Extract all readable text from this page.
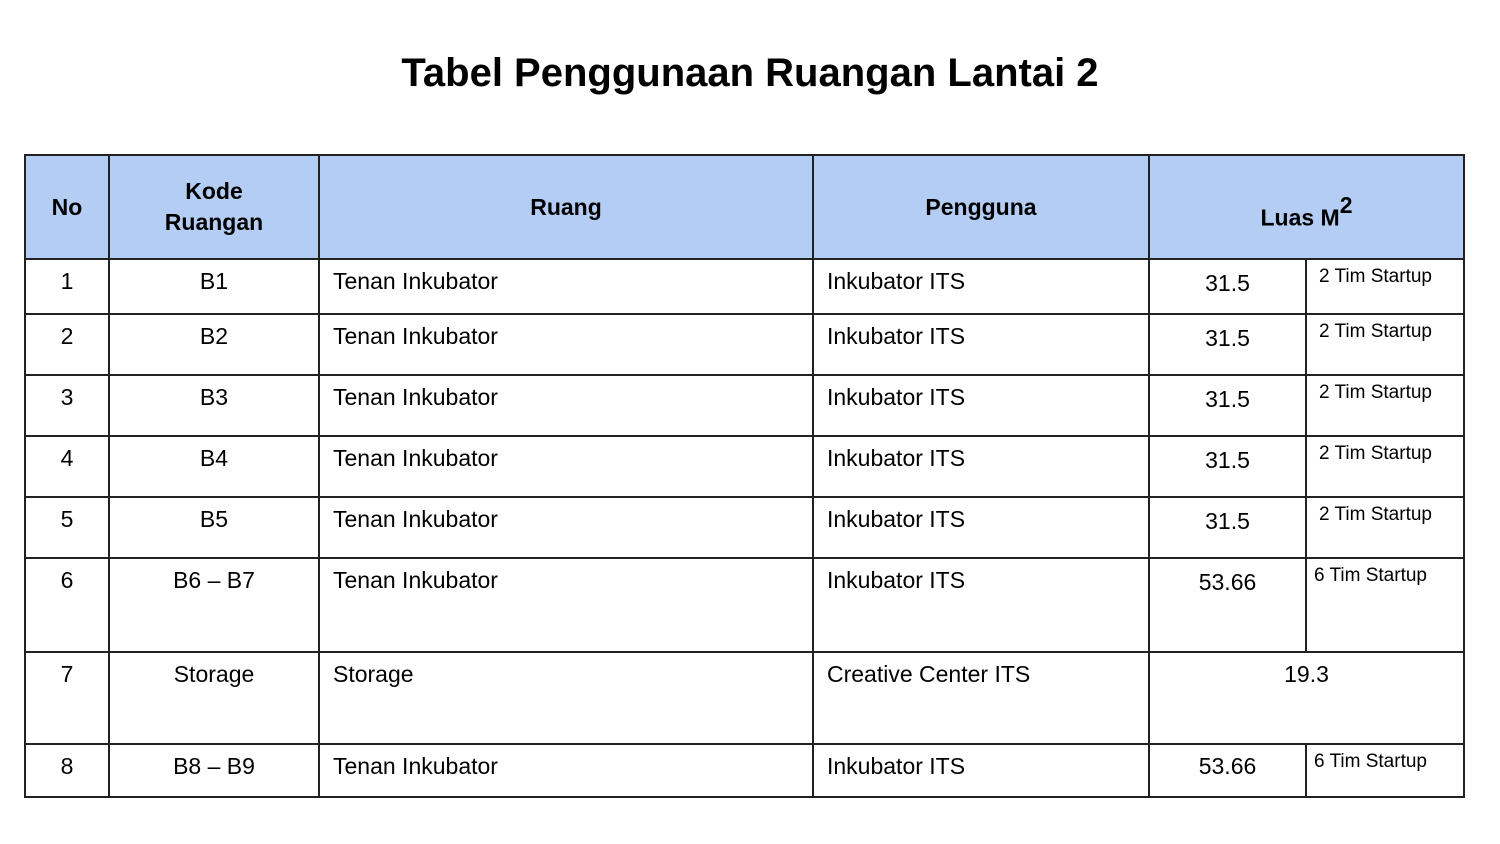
Tabel Penggunaan Ruangan Lantai 2
No	Kode Ruangan	Ruang	Pengguna	Luas $M^2$
1	B1	Tenan Inkubator	Inkubator ITS	31.5	2 Tim Startup
2	B2	Tenan Inkubator	Inkubator ITS	31.5	2 Tim Startup
3	B3	Tenan Inkubator	Inkubator ITS	31.5	2 Tim Startup
4	B4	Tenan Inkubator	Inkubator ITS	31.5	2 Tim Startup
5	B5	Tenan Inkubator	Inkubator ITS	31.5	2 Tim Startup
6	B6 – B7	Tenan Inkubator	Inkubator ITS	53.66	6 Tim Startup
7	Storage	Storage	Creative Center ITS	19.3	
8	B8 – B9	Tenan Inkubator	Inkubator ITS	53.66	6 Tim Startup
